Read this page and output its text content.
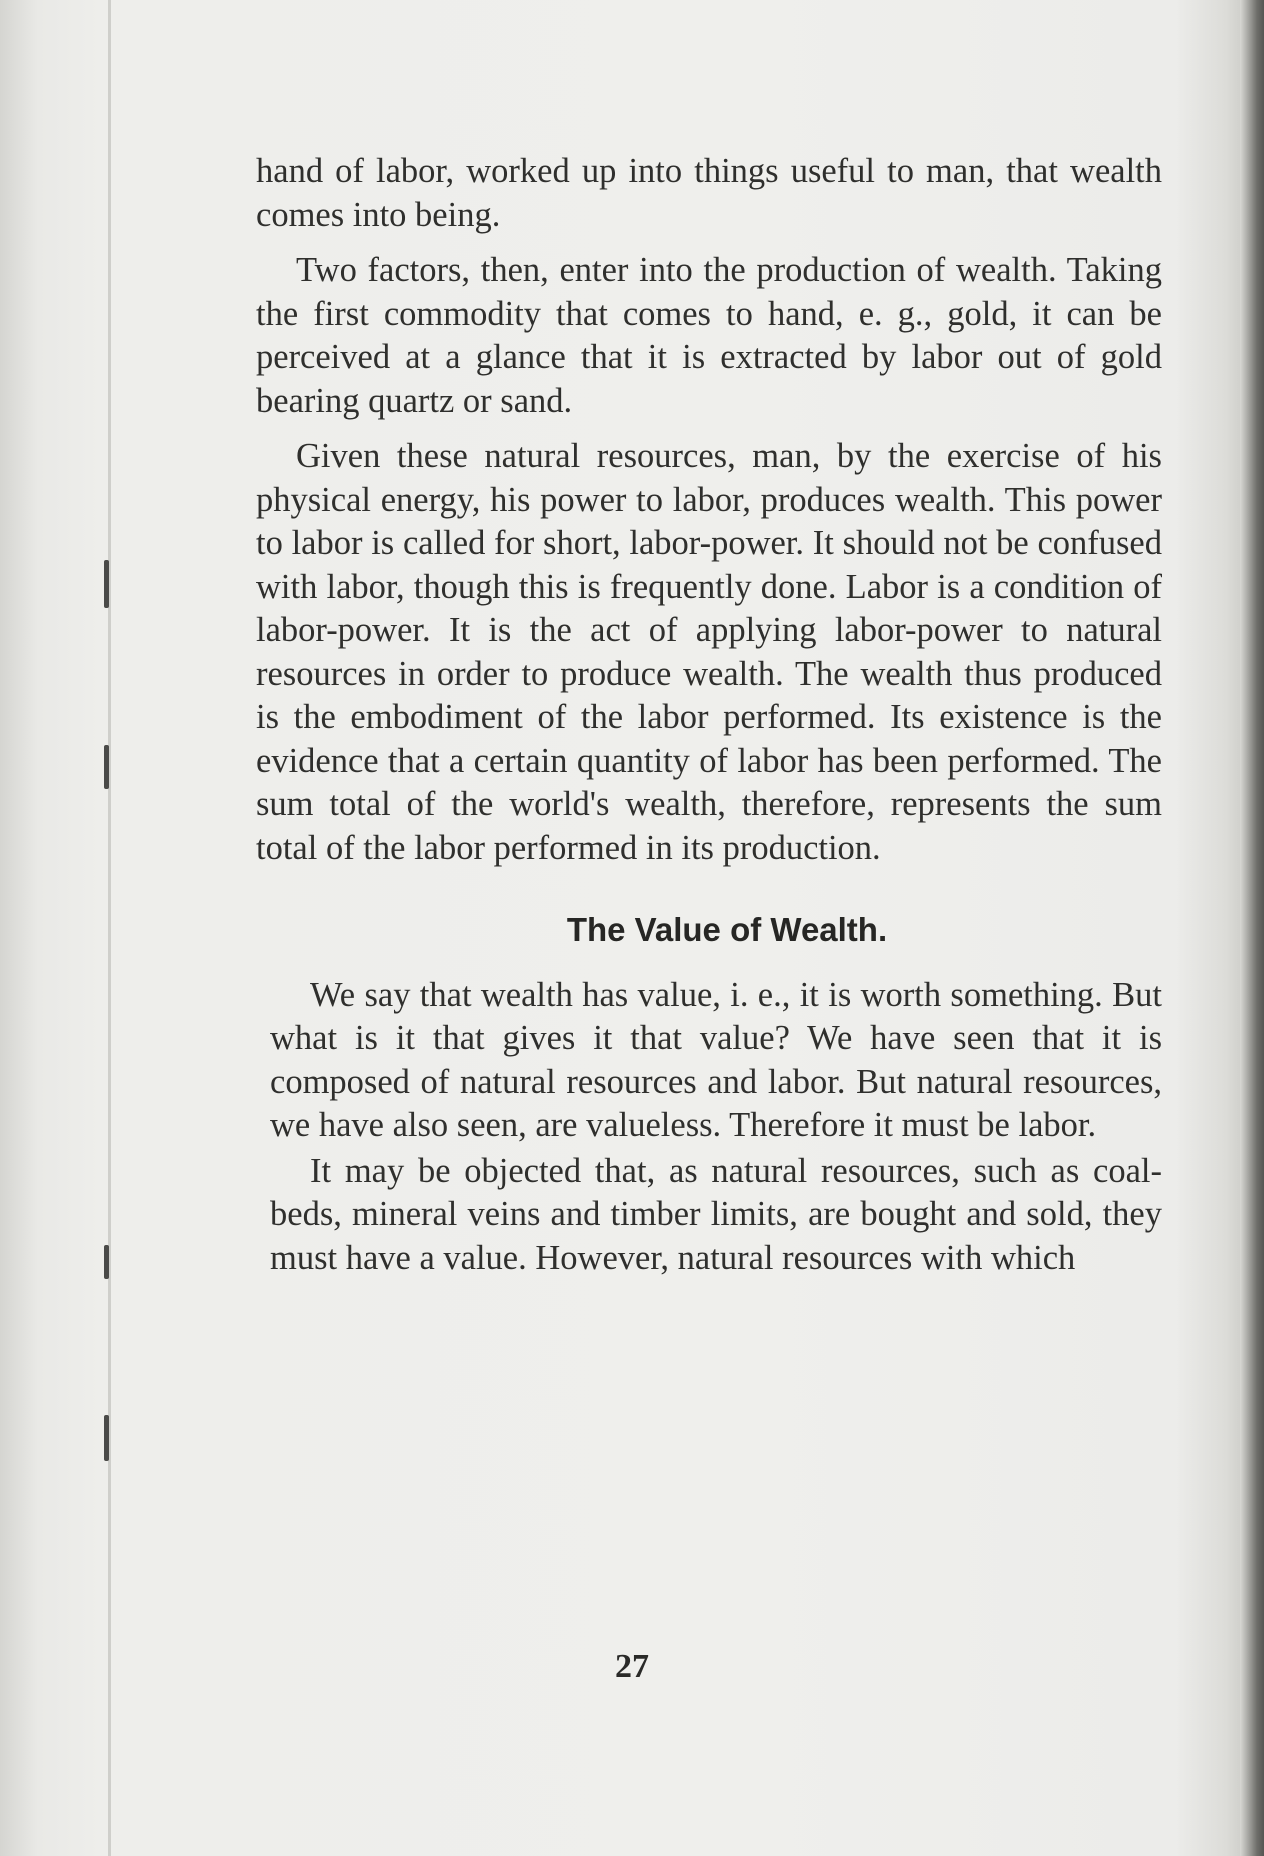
hand of labor, worked up into things useful to man, that wealth comes into being.

Two factors, then, enter into the production of wealth. Taking the first commodity that comes to hand, e. g., gold, it can be perceived at a glance that it is extracted by labor out of gold bearing quartz or sand.

Given these natural resources, man, by the exercise of his physical energy, his power to labor, produces wealth. This power to labor is called for short, labor-power. It should not be confused with labor, though this is frequently done. Labor is a condition of labor-power. It is the act of applying labor-power to natural resources in order to produce wealth. The wealth thus produced is the embodiment of the labor performed. Its existence is the evidence that a certain quantity of labor has been performed. The sum total of the world's wealth, therefore, represents the sum total of the labor performed in its production.

The Value of Wealth.

We say that wealth has value, i. e., it is worth something. But what is it that gives it that value? We have seen that it is composed of natural resources and labor. But natural resources, we have also seen, are valueless. Therefore it must be labor.

It may be objected that, as natural resources, such as coal-beds, mineral veins and timber limits, are bought and sold, they must have a value. However, natural resources with which

27
